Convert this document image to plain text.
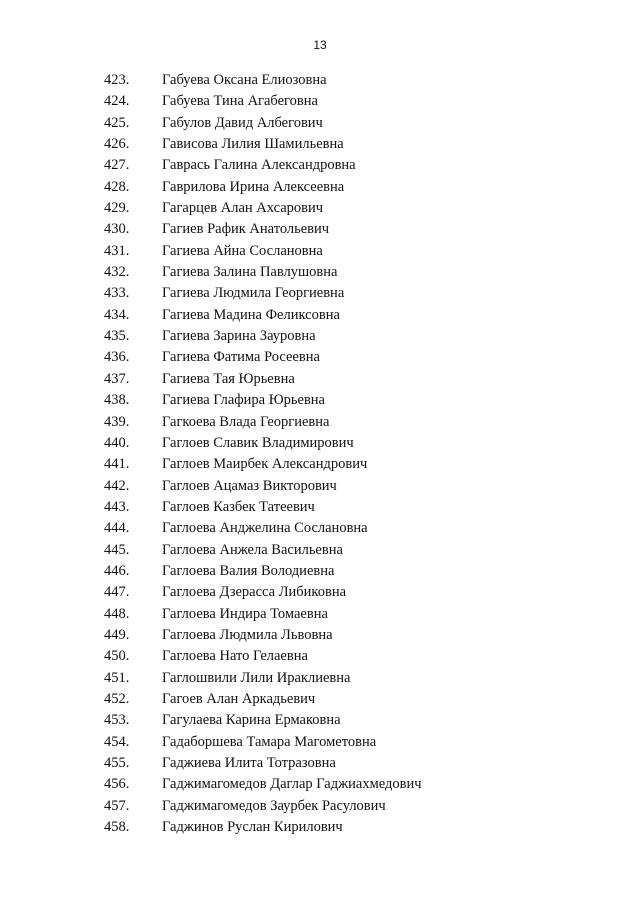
13
423. Габуева Оксана Елиозовна
424. Габуева Тина Агабеговна
425. Габулов Давид Албегович
426. Гависова Лилия Шамильевна
427. Гаврась Галина Александровна
428. Гаврилова Ирина Алексеевна
429. Гагарцев Алан Ахсарович
430. Гагиев Рафик Анатольевич
431. Гагиева Айна Сослановна
432. Гагиева Залина Павлушовна
433. Гагиева Людмила Георгиевна
434. Гагиева Мадина Феликсовна
435. Гагиева Зарина Зауровна
436. Гагиева Фатима Росеевна
437. Гагиева Тая Юрьевна
438. Гагиева Глафира Юрьевна
439. Гагкоева Влада Георгиевна
440. Гаглоев Славик Владимирович
441. Гаглоев Маирбек Александрович
442. Гаглоев Ацамаз Викторович
443. Гаглоев Казбек Татеевич
444. Гаглоева Анджелина Сослановна
445. Гаглоева Анжела Васильевна
446. Гаглоева Валия Володиевна
447. Гаглоева Дзерасса Либиковна
448. Гаглоева Индира Томаевна
449. Гаглоева Людмила Львовна
450. Гаглоева Нато Гелаевна
451. Гаглошвили Лили Ираклиевна
452. Гагоев Алан Аркадьевич
453. Гагулаева Карина Ермаковна
454. Гадаборшева Тамара Магометовна
455. Гаджиева Илита Тотразовна
456. Гаджимагомедов Даглар Гаджиахмедович
457. Гаджимагомедов Заурбек Расулович
458. Гаджинов Руслан Кирилович
